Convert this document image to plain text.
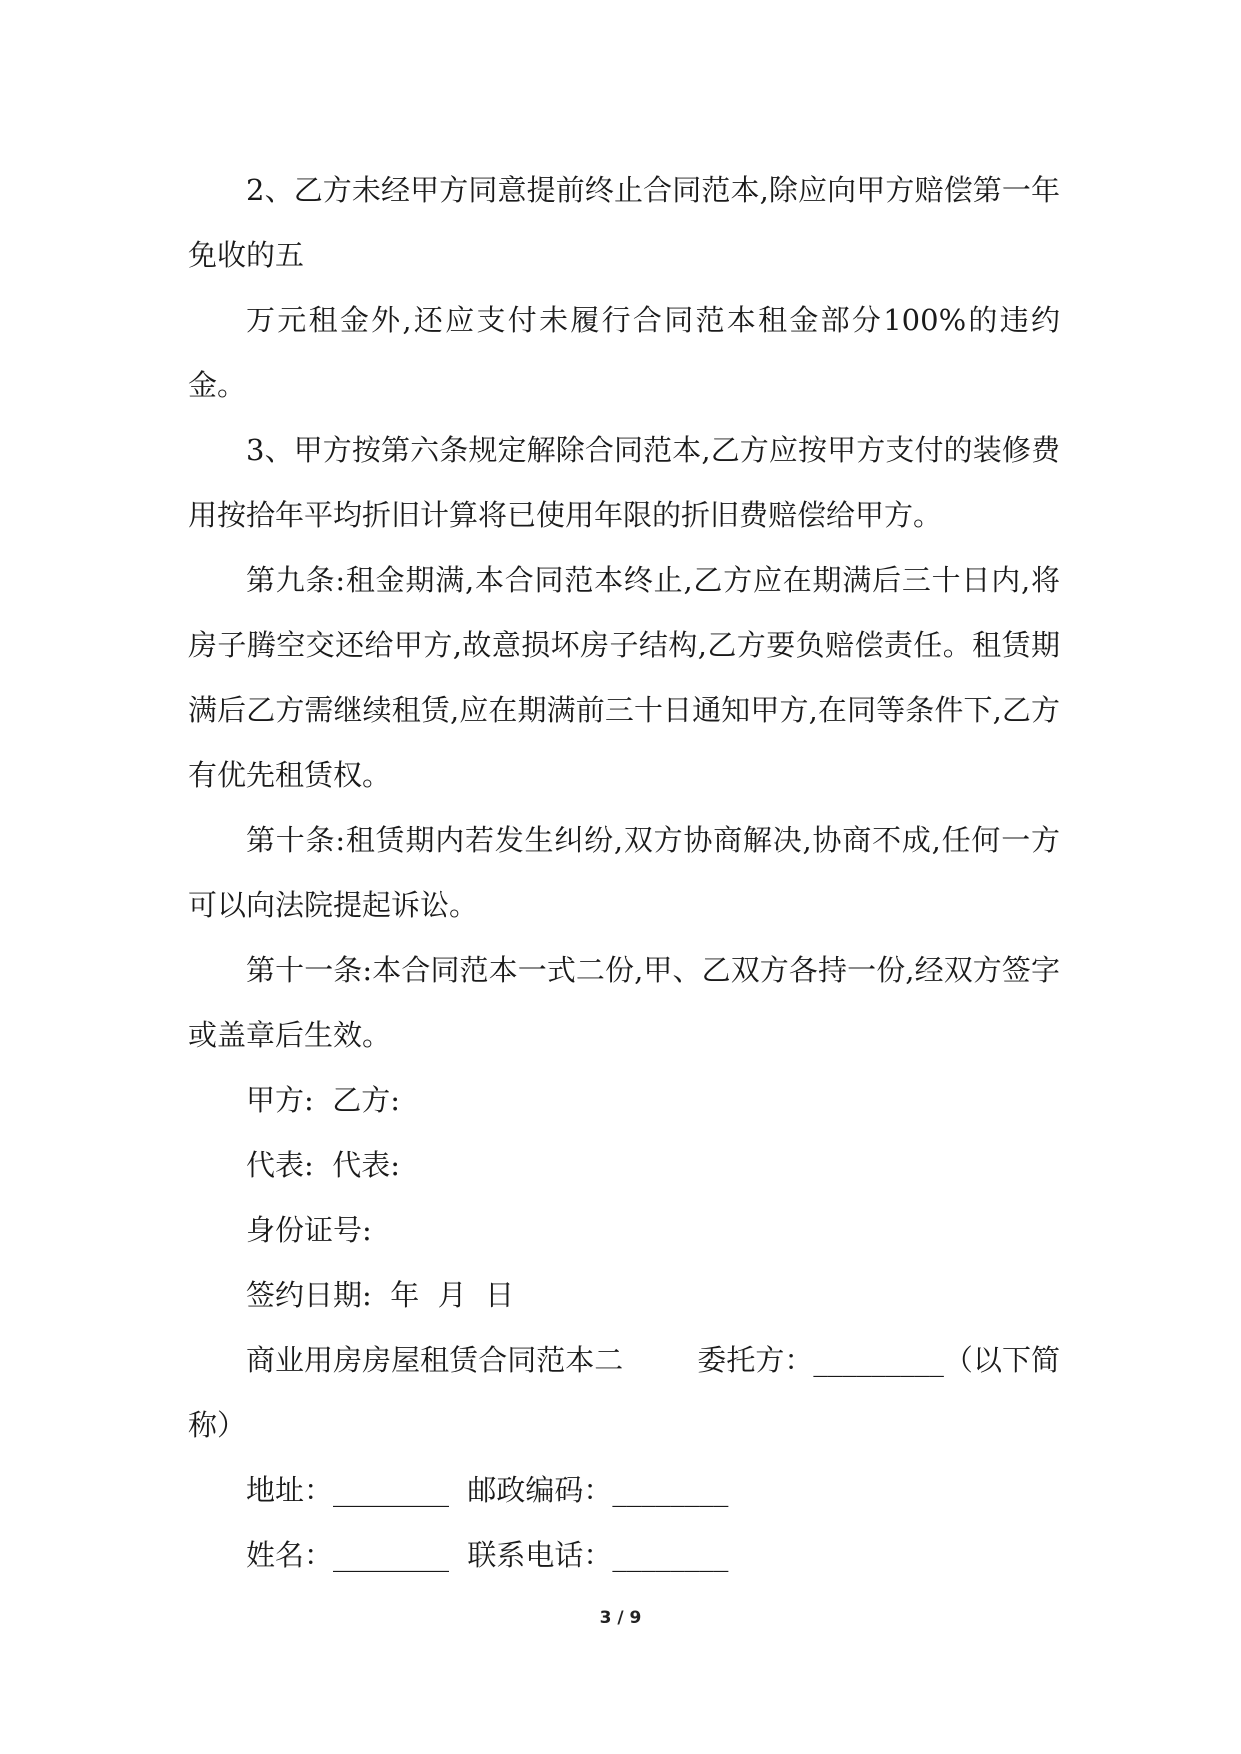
2、乙方未经甲方同意提前终止合同范本,除应向甲方赔偿第一年免收的五

万元租金外,还应支付未履行合同范本租金部分100%的违约金。

3、甲方按第六条规定解除合同范本,乙方应按甲方支付的装修费用按拾年平均折旧计算将已使用年限的折旧费赔偿给甲方。

第九条:租金期满,本合同范本终止,乙方应在期满后三十日内,将房子腾空交还给甲方,故意损坏房子结构,乙方要负赔偿责任。租赁期满后乙方需继续租赁,应在期满前三十日通知甲方,在同等条件下,乙方有优先租赁权。

第十条:租赁期内若发生纠纷,双方协商解决,协商不成,任何一方可以向法院提起诉讼。

第十一条:本合同范本一式二份,甲、乙双方各持一份,经双方签字或盖章后生效。

甲方:  乙方:

代表:  代表:

身份证号:

签约日期:  年  月  日

商业用房房屋租赁合同范本二        委托方：_________（以下简称）

地址：________  邮政编码：________

姓名：________  联系电话：________

3 / 9
